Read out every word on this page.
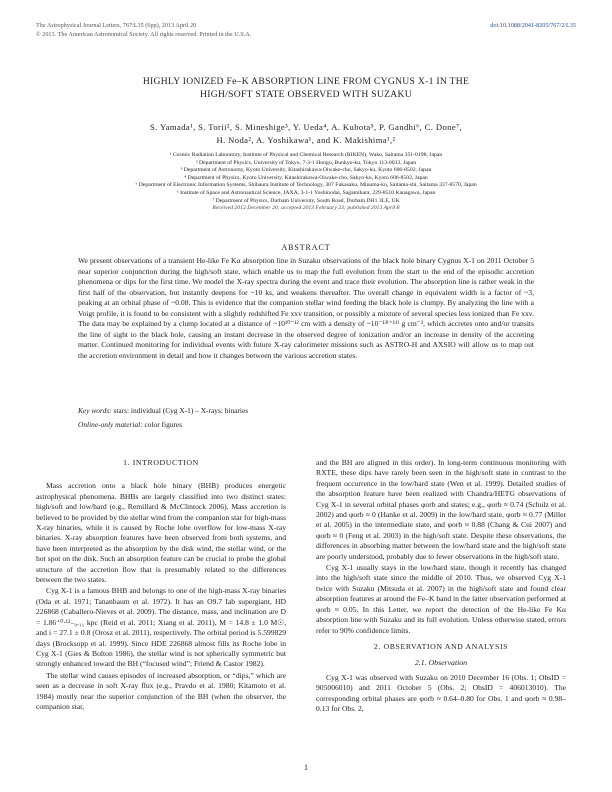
The Astrophysical Journal Letters, 767:L35 (6pp), 2013 April 20
© 2013. The American Astronomical Society. All rights reserved. Printed in the U.S.A.
doi:10.1088/2041-8205/767/2/L35
HIGHLY IONIZED Fe–K ABSORPTION LINE FROM CYGNUS X-1 IN THE
HIGH/SOFT STATE OBSERVED WITH SUZAKU
S. Yamada¹, S. Torii², S. Mineshige³, Y. Ueda⁴, A. Kubota⁵, P. Gandhi⁶, C. Done⁷,
H. Noda², A. Yoshikawa¹, and K. Makishima¹,²
¹ Cosmic Radiation Laboratory, Institute of Physical and Chemical Research (RIKEN), Wako, Saitama 351-0198, Japan
² Department of Physics, University of Tokyo, 7-3-1 Hongo, Bunkyo-ku, Tokyo 113-0033, Japan
³ Department of Astronomy, Kyoto University, Kitashirakawa-Oiwake-cho, Sakyo-ku, Kyoto 606-8502, Japan
⁴ Department of Physics, Kyoto University, Kitashirakawa-Oiwake-cho, Sakyo-ku, Kyoto 606-8502, Japan
⁵ Department of Electronic Information Systems, Shibaura Institute of Technology, 307 Fukasaku, Minuma-ku, Saitama-shi, Saitama 337-8570, Japan
⁶ Institute of Space and Astronautical Science, JAXA, 3-1-1 Yoshinodai, Sagamihara, 229-8510 Kanagawa, Japan
⁷ Department of Physics, Durham University, South Road, Durham DH1 3LE, UK
Received 2012 December 20; accepted 2013 February 23; published 2013 April 8
ABSTRACT

We present observations of a transient He-like Fe Kα absorption line in Suzaku observations of the black hole binary Cygnus X-1 on 2011 October 5 near superior conjunction during the high/soft state, which enable us to map the full evolution from the start to the end of the episodic accretion phenomena or dips for the first time. We model the X-ray spectra during the event and trace their evolution. The absorption line is rather weak in the first half of the observation, but instantly deepens for ~10 ks, and weakens thereafter. The overall change in equivalent width is a factor of ~3, peaking at an orbital phase of ~0.08. This is evidence that the companion stellar wind feeding the black hole is clumpy. By analyzing the line with a Voigt profile, it is found to be consistent with a slightly redshifted Fe xxv transition, or possibly a mixture of several species less ionized than Fe xxv. The data may be explained by a clump located at a distance of ~10¹⁰⁻¹² cm with a density of ~10⁻¹³⁽⁼¹¹⁾ g cm⁻³, which accretes onto and/or transits the line of sight to the black hole, causing an instant decrease in the observed degree of ionization and/or an increase in density of the accreting matter. Continued monitoring for individual events with future X-ray calorimeter missions such as ASTRO-H and AXSIO will allow us to map out the accretion environment in detail and how it changes between the various accretion states.

Key words: stars: individual (Cyg X-1) – X-rays: binaries
Online-only material: color figures
1. INTRODUCTION

Mass accretion onto a black hole binary (BHB) produces energetic astrophysical phenomena. BHBs are largely classified into two distinct states: high/soft and low/hard (e.g., Remillard & McClintock 2006). Mass accretion is believed to be provided by the stellar wind from the companion star for high-mass X-ray binaries, while it is caused by Roche lobe overflow for low-mass X-ray binaries. X-ray absorption features have been observed from both systems, and have been interpreted as the absorption by the disk wind, the stellar wind, or the hot spot on the disk. Such an absorption feature can be crucial to probe the global structure of the accretion flow that is presumably related to the differences between the two states.

Cyg X-1 is a famous BHB and belongs to one of the high-mass X-ray binaries (Oda et al. 1971; Tananbaum et al. 1972). It has an O9.7 Iab supergiant, HD 226868 (Caballero-Nieves et al. 2009). The distance, mass, and inclination are D = 1.86⁺⁰·¹²₋₀.₁₁ kpc (Reid et al. 2011; Xiang et al. 2011), M = 14.8 ± 1.0 M☉, and i = 27.1 ± 0.8 (Orosz et al. 2011), respectively. The orbital period is 5.599829 days (Brocksopp et al. 1999). Since HDE 226868 almost fills its Roche lobe in Cyg X-1 (Gies & Bolton 1986), the stellar wind is not spherically symmetric but strongly enhanced toward the BH (“focused wind”; Friend & Castor 1982).

The stellar wind causes episodes of increased absorption, or “dips,” which are seen as a decrease in soft X-ray flux (e.g., Pravdo et al. 1980; Kitamoto et al. 1984) mostly near the superior conjunction of the BH (when the observer, the companion star,

and the BH are aligned in this order). In long-term continuous monitoring with RXTE, these dips have rarely been seen in the high/soft state in contrast to the frequent occurrence in the low/hard state (Wen et al. 1999). Detailed studies of the absorption feature have been realized with Chandra/HETG observations of Cyg X-1 in several orbital phases φorb and states; e.g., φorb ≈ 0.74 (Schulz et al. 2002) and φorb ≈ 0 (Hanke et al. 2009) in the low/hard state, φorb ≈ 0.77 (Miller et al. 2005) in the intermediate state, and φorb ≈ 0.88 (Chang & Cui 2007) and φorb ≈ 0 (Feng et al. 2003) in the high/soft state. Despite these observations, the differences in absorbing matter between the low/hard state and the high/soft state are poorly understood, probably due to fewer observations in the high/soft state.

Cyg X-1 usually stays in the low/hard state, though it recently has changed into the high/soft state since the middle of 2010. Thus, we observed Cyg X-1 twice with Suzaku (Mitsuda et al. 2007) in the high/soft state and found clear absorption features at around the Fe–K band in the latter observation performed at φorb ≈ 0.05. In this Letter, we report the detection of the He-like Fe Kα absorption line with Suzaku and its full evolution. Unless otherwise stated, errors refer to 90% confidence limits.

2. OBSERVATION AND ANALYSIS
2.1. Observation

Cyg X-1 was observed with Suzaku on 2010 December 16 (Obs. 1; ObsID = 905006010) and 2011 October 5 (Obs. 2; ObsID = 406013010). The corresponding orbital phases are φorb ≈ 0.64–0.80 for Obs. 1 and φorb ≈ 0.98–0.13 for Obs. 2,

1
